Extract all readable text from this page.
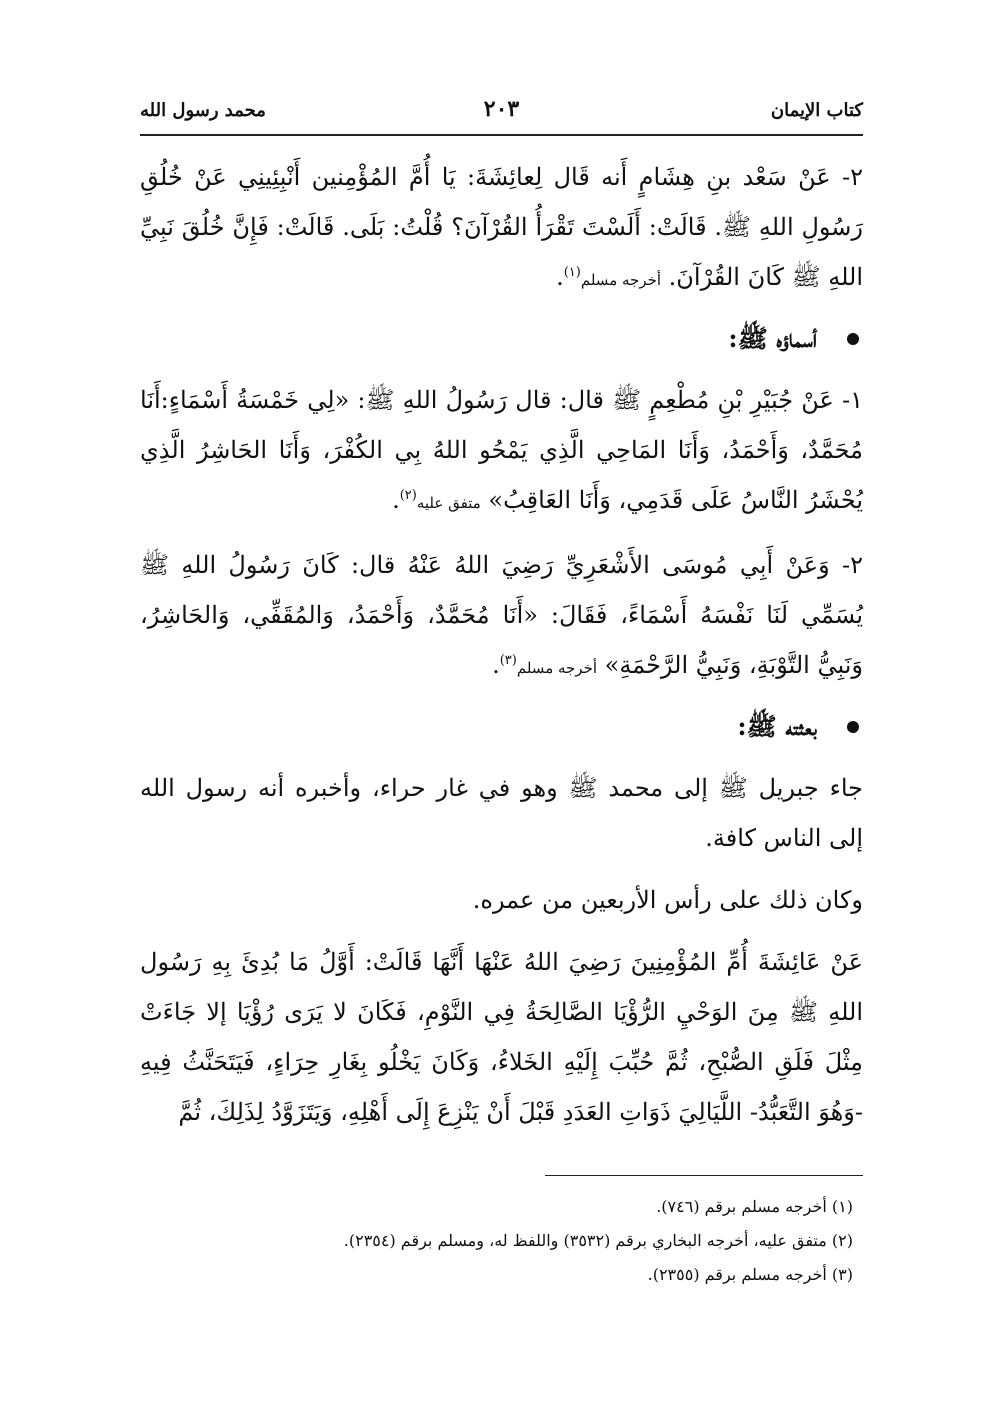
كتاب الإيمان
٢٠٣
محمد رسول الله

٢- عَنْ سَعْد بنِ هِشَامٍ أَنه قَال لِعائِشَةَ: يَا أُمَّ المُؤْمِنين أَنْبِئِينِي عَنْ خُلُقِ رَسُولِ اللهِ ﷺ. قَالَتْ: أَلَسْتَ تَقْرَأُ القُرْآنَ؟ قُلْتُ: بَلَى. قَالَتْ: فَإِنَّ خُلُقَ نَبِيِّ اللهِ ﷺ كَانَ القُرْآنَ. أخرجه مسلم$^{(١)}$.

أسماؤه ﷺ:

١- عَنْ جُبَيْرِ بْنِ مُطْعِمٍ ﷺ قال: قال رَسُولُ اللهِ ﷺ: «لِي خَمْسَةُ أَسْمَاءٍ:أَنَا مُحَمَّدٌ، وَأَحْمَدُ، وَأَنَا المَاحِي الَّذِي يَمْحُو اللهُ بِي الكُفْرَ، وَأَنَا الحَاشِرُ الَّذِي يُحْشَرُ النَّاسُ عَلَى قَدَمِي، وَأَنَا العَاقِبُ» متفق عليه$^{(٢)}$.

٢- وَعَنْ أَبِي مُوسَى الأَشْعَرِيِّ رَضِيَ اللهُ عَنْهُ قال: كَانَ رَسُولُ اللهِ ﷺ يُسَمِّي لَنَا نَفْسَهُ أَسْمَاءً، فَقَالَ: «أَنَا مُحَمَّدٌ، وَأَحْمَدُ، وَالمُقَفِّي، وَالحَاشِرُ، وَنَبِيُّ التَّوْبَةِ، وَنَبِيُّ الرَّحْمَةِ» أخرجه مسلم$^{(٣)}$.

بعثته ﷺ:

جاء جبريل ﷺ إلى محمد ﷺ وهو في غار حراء، وأخبره أنه رسول الله إلى الناس كافة.

وكان ذلك على رأس الأربعين من عمره.

عَنْ عَائِشَةَ أُمِّ المُؤْمِنِينَ رَضِيَ اللهُ عَنْهَا أَنَّهَا قَالَتْ: أَوَّلُ مَا بُدِئَ بِهِ رَسُول اللهِ ﷺ مِنَ الوَحْيِ الرُّؤْيَا الصَّالِحَةُ فِي النَّوْمِ، فَكَانَ لا يَرَى رُؤْيَا إلا جَاءَتْ مِثْلَ فَلَقِ الصُّبْحِ، ثُمَّ حُبِّبَ إِلَيْهِ الخَلاءُ، وَكَانَ يَخْلُو بِغَارِ حِرَاءٍ، فَيَتَحَنَّثُ فِيهِ -وَهُوَ التَّعَبُّدُ- اللَّيَالِيَ ذَوَاتِ العَدَدِ قَبْلَ أَنْ يَنْزِعَ إِلَى أَهْلِهِ، وَيَتَزَوَّدُ لِذَلِكَ، ثُمَّ

(١) أخرجه مسلم برقم (٧٤٦).
(٢) متفق عليه، أخرجه البخاري برقم (٣٥٣٢) واللفظ له، ومسلم برقم (٢٣٥٤).
(٣) أخرجه مسلم برقم (٢٣٥٥).
